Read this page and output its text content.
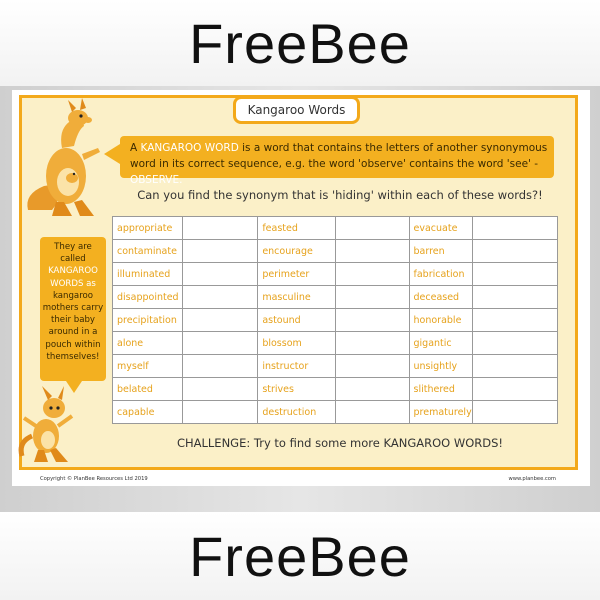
FreeBee
Kangaroo Words
A KANGAROO WORD is a word that contains the letters of another synonymous word in its correct sequence, e.g. the word 'observe' contains the word 'see' - OBSERVE.
Can you find the synonym that is 'hiding' within each of these words?!
appropriate		feasted		evacuate	
contaminate		encourage		barren	
illuminated		perimeter		fabrication	
disappointed		masculine		deceased	
precipitation		astound		honorable	
alone		blossom		gigantic	
myself		instructor		unsightly	
belated		strives		slithered	
capable		destruction		prematurely	
They are
called
KANGAROO
WORDS as
kangaroo
mothers carry
their baby
around in a
pouch within
themselves!
CHALLENGE: Try to find some more KANGAROO WORDS!
Copyright © PlanBee Resources Ltd 2019	www.planbee.com
FreeBee
